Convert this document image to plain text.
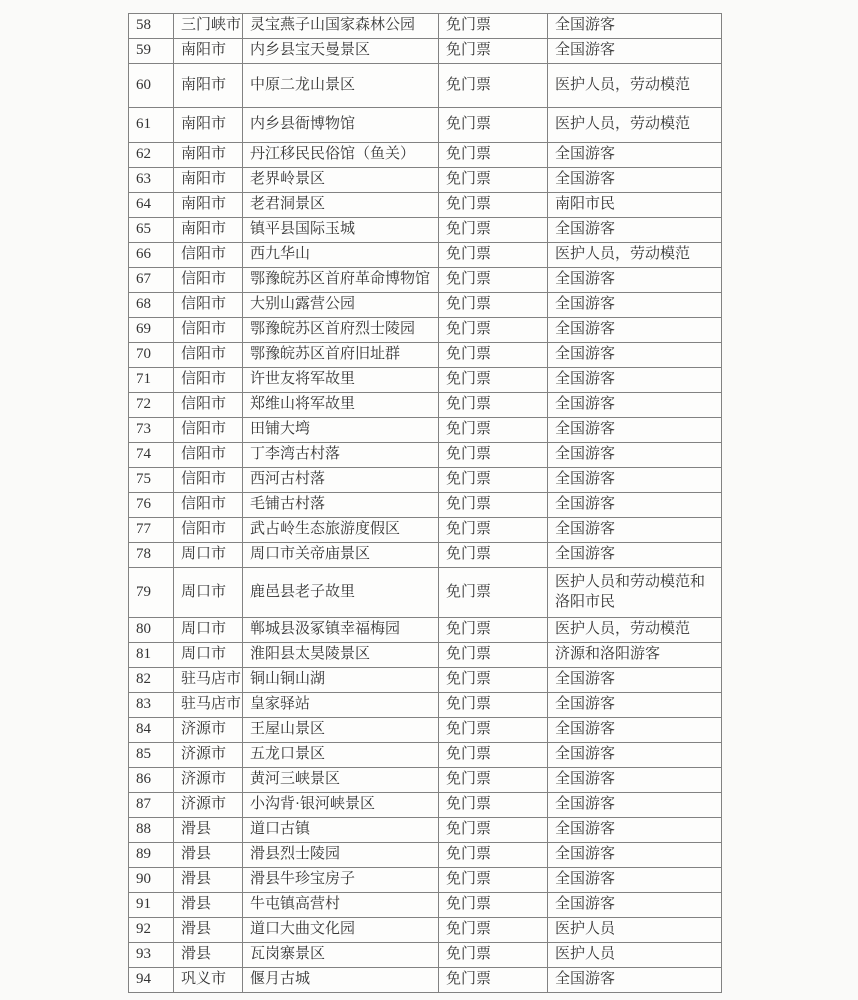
58	三门峡市	灵宝燕子山国家森林公园	免门票	全国游客
59	南阳市	内乡县宝天曼景区	免门票	全国游客
60	南阳市	中原二龙山景区	免门票	医护人员，劳动模范
61	南阳市	内乡县衙博物馆	免门票	医护人员，劳动模范
62	南阳市	丹江移民民俗馆（鱼关）	免门票	全国游客
63	南阳市	老界岭景区	免门票	全国游客
64	南阳市	老君洞景区	免门票	南阳市民
65	南阳市	镇平县国际玉城	免门票	全国游客
66	信阳市	西九华山	免门票	医护人员，劳动模范
67	信阳市	鄂豫皖苏区首府革命博物馆	免门票	全国游客
68	信阳市	大别山露营公园	免门票	全国游客
69	信阳市	鄂豫皖苏区首府烈士陵园	免门票	全国游客
70	信阳市	鄂豫皖苏区首府旧址群	免门票	全国游客
71	信阳市	许世友将军故里	免门票	全国游客
72	信阳市	郑维山将军故里	免门票	全国游客
73	信阳市	田铺大塆	免门票	全国游客
74	信阳市	丁李湾古村落	免门票	全国游客
75	信阳市	西河古村落	免门票	全国游客
76	信阳市	毛铺古村落	免门票	全国游客
77	信阳市	武占岭生态旅游度假区	免门票	全国游客
78	周口市	周口市关帝庙景区	免门票	全国游客
79	周口市	鹿邑县老子故里	免门票	医护人员和劳动模范和洛阳市民
80	周口市	郸城县汲冢镇幸福梅园	免门票	医护人员，劳动模范
81	周口市	淮阳县太昊陵景区	免门票	济源和洛阳游客
82	驻马店市	铜山铜山湖	免门票	全国游客
83	驻马店市	皇家驿站	免门票	全国游客
84	济源市	王屋山景区	免门票	全国游客
85	济源市	五龙口景区	免门票	全国游客
86	济源市	黄河三峡景区	免门票	全国游客
87	济源市	小沟背·银河峡景区	免门票	全国游客
88	滑县	道口古镇	免门票	全国游客
89	滑县	滑县烈士陵园	免门票	全国游客
90	滑县	滑县牛珍宝房子	免门票	全国游客
91	滑县	牛屯镇高营村	免门票	全国游客
92	滑县	道口大曲文化园	免门票	医护人员
93	滑县	瓦岗寨景区	免门票	医护人员
94	巩义市	偃月古城	免门票	全国游客
